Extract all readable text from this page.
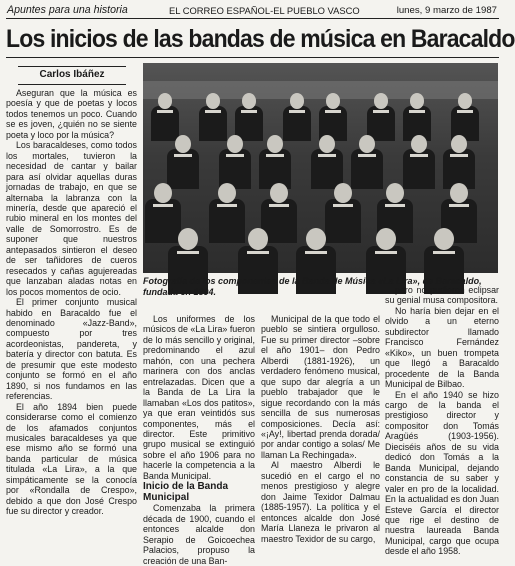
Apuntes para una historia	EL CORREO ESPAÑOL-EL PUEBLO VASCO	lunes, 9 marzo de 1987
Los inicios de las bandas de música en Baracaldo
Carlos Ibáñez

Aseguran que la música es poesía y que de poetas y locos todos tenemos un poco. Cuando se es joven, ¿quién no se siente poeta y loco por la música?

Los baracaldeses, como todos los mortales, tuvieron la necesidad de cantar y bailar para así olvidar aquellas duras jornadas de trabajo, en que se alternaba la labranza con la minería, desde que apareció el rubio mineral en los montes del valle de Somorrostro. Es de suponer que nuestros antepasados sintieron el deseo de ser tañidores de cueros resecados y cañas agujereadas que lanzaban aladas notas en los pocos momentos de ocio.

El primer conjunto musical habido en Baracaldo fue el denominado «Jazz-Band», compuesto por tres acordeonistas, pandereta, y batería y director con batuta. Es de presumir que este modesto conjunto se formó en el año 1890, si nos fundamos en las referencias.

El año 1894 bien puede considerarse como el comienzo de los afamados conjuntos musicales baracaldeses ya que ese mismo año se formó una banda particular de música titulada «La Lira», a la que simpáticamente se la conocía por «Rondalla de Crespo», debido a que don José Crespo fue su director y creador.

Fotografía de los componentes de la Banda de Música «La Lira», de Baracaldo, fundada en 1894.

Los uniformes de los músicos de «La Lira» fueron de lo más sencillo y original, predominando el azul mahón, con una pechera marinera con dos anclas entrelazadas. Dicen que a la Banda de La Lira la llamaban «Los dos patitos», ya que eran veintidós sus componentes, más el director. Este primitivo grupo musical se extinguió sobre el año 1906 para no hacerle la competencia a la Banda Municipal.

Inicio de la Banda Municipal

Comenzaba la primera década de 1900, cuando el entonces alcalde don Serapio de Goicoechea Palacios, propuso la creación de una Ban-

Municipal de la que todo el pueblo se sintiera orgulloso. Fue su primer director –sobre el año 1901– don Pedro Alberdi (1881-1926), un verdadero fenómeno musical, que supo dar alegría a un pueblo trabajador que le sigue recordando con la más sencilla de sus numerosas composiciones. Decía así: «¡Ay!, libertad prenda dorada/ por andar contigo a solas/ Me llaman La Rechingada».

Al maestro Alberdi le sucedió en el cargo el no menos prestigioso y alegre don Jaime Texidor Dalmau (1885-1957). La política y el entonces alcalde don José María Llaneza le privaron al maestro Texidor de su cargo,

pero no pudieron eclipsar su genial musa compositora.

No haría bien dejar en el olvido a un eterno subdirector llamado Francisco Fernández «Kiko», un buen trompeta que llegó a Baracaldo procedente de la Banda Municipal de Bilbao.

En el año 1940 se hizo cargo de la banda el prestigioso director y compositor don Tomás Aragüés (1903-1956). Dieciséis años de su vida dedicó don Tomás a la Banda Municipal, dejando constancia de su saber y valer en pro de la localidad. En la actualidad es don Juan Esteve García el director que rige el destino de nuestra laureada Banda Municipal, cargo que ocupa desde el año 1958.
